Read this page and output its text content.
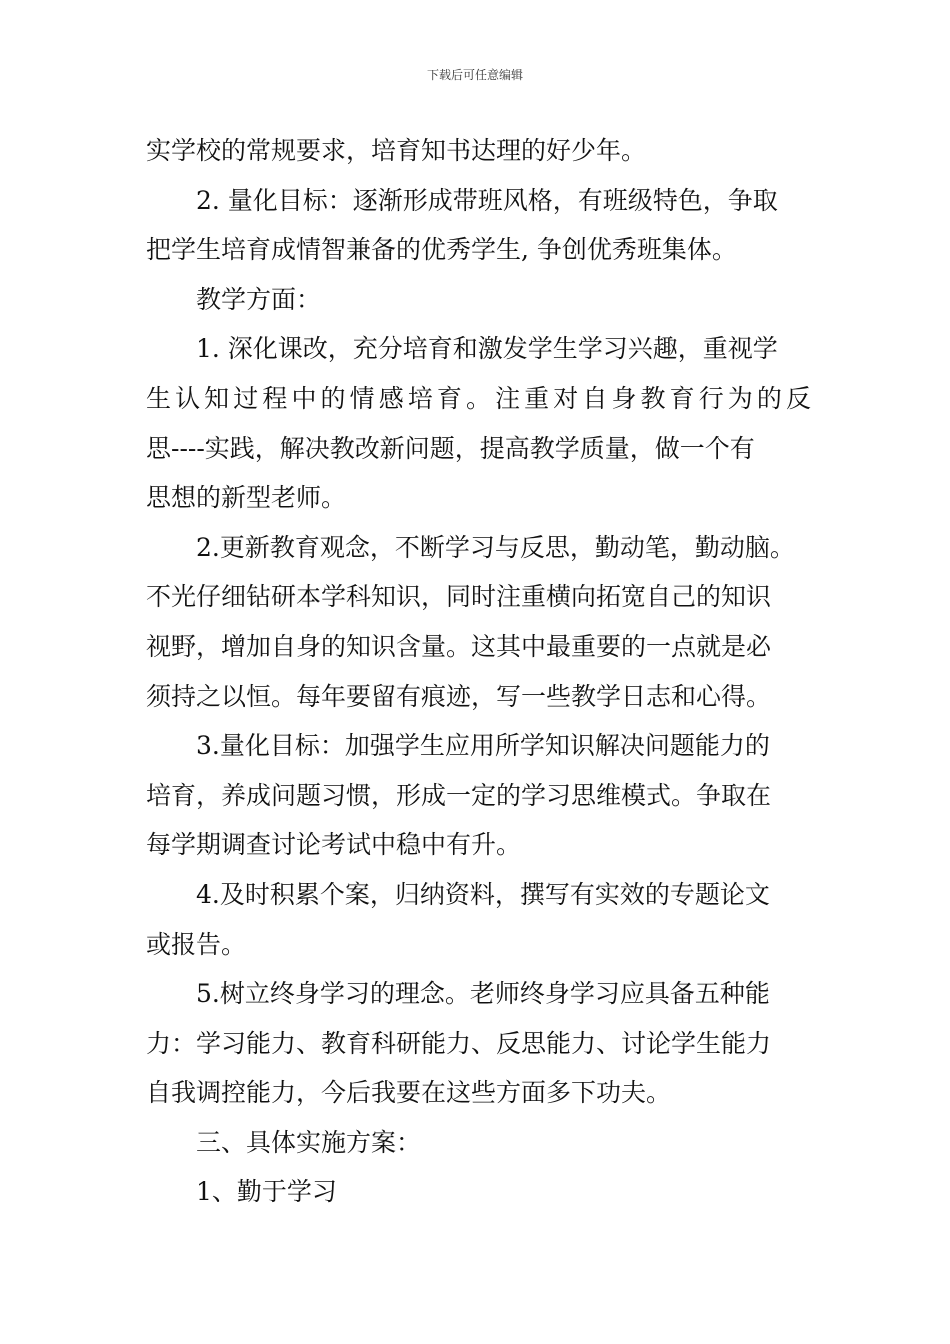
下载后可任意编辑
实学校的常规要求，培育知书达理的好少年。
2. 量化目标：逐渐形成带班风格，有班级特色，争取
把学生培育成情智兼备的优秀学生, 争创优秀班集体。
教学方面：
1. 深化课改，充分培育和激发学生学习兴趣，重视学
生认知过程中的情感培育。注重对自身教育行为的反
思----实践，解决教改新问题，提高教学质量，做一个有
思想的新型老师。
2.更新教育观念，不断学习与反思，勤动笔，勤动脑。
不光仔细钻研本学科知识，同时注重横向拓宽自己的知识
视野，增加自身的知识含量。这其中最重要的一点就是必
须持之以恒。每年要留有痕迹，写一些教学日志和心得。
3.量化目标：加强学生应用所学知识解决问题能力的
培育，养成问题习惯，形成一定的学习思维模式。争取在
每学期调查讨论考试中稳中有升。
4.及时积累个案，归纳资料，撰写有实效的专题论文
或报告。
5.树立终身学习的理念。老师终身学习应具备五种能
力：学习能力、教育科研能力、反思能力、讨论学生能力
自我调控能力，今后我要在这些方面多下功夫。
三、具体实施方案：
1、勤于学习
